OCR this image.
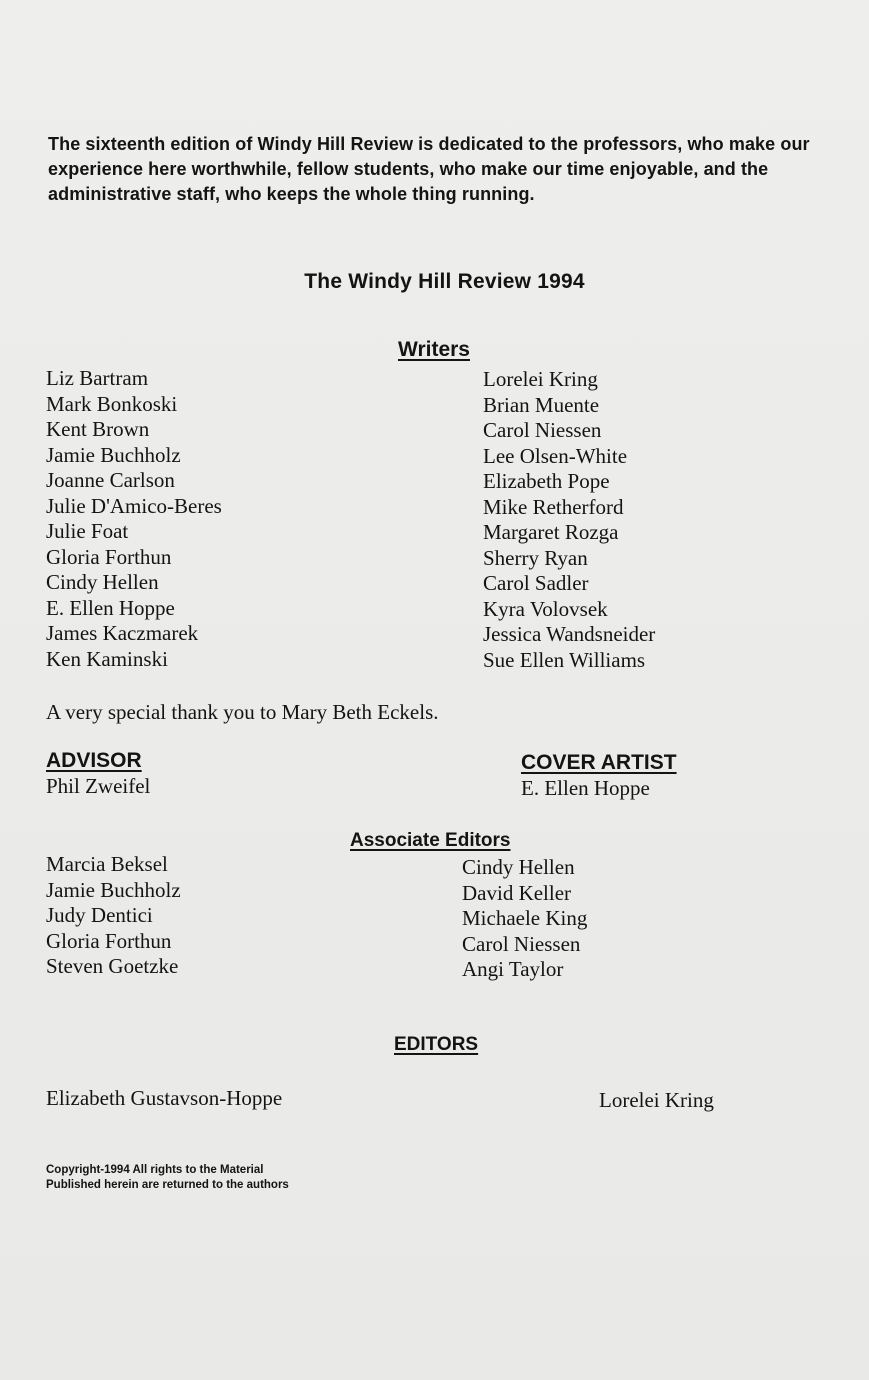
The sixteenth edition of Windy Hill Review is dedicated to the professors, who make our experience here worthwhile, fellow students, who make our time enjoyable, and the administrative staff, who keeps the whole thing running.
The Windy Hill Review 1994
Writers
Liz Bartram
Mark Bonkoski
Kent Brown
Jamie Buchholz
Joanne Carlson
Julie D'Amico-Beres
Julie Foat
Gloria Forthun
Cindy Hellen
E. Ellen Hoppe
James Kaczmarek
Ken Kaminski
Lorelei Kring
Brian Muente
Carol Niessen
Lee Olsen-White
Elizabeth Pope
Mike Retherford
Margaret Rozga
Sherry Ryan
Carol Sadler
Kyra Volovsek
Jessica Wandsneider
Sue Ellen Williams
A very special thank you to Mary Beth Eckels.
ADVISOR
Phil Zweifel
COVER ARTIST
E. Ellen Hoppe
Associate Editors
Marcia Beksel
Jamie Buchholz
Judy Dentici
Gloria Forthun
Steven Goetzke
Cindy Hellen
David Keller
Michaele King
Carol Niessen
Angi Taylor
EDITORS
Elizabeth Gustavson-Hoppe	Lorelei Kring
Copyright-1994 All rights to the Material
Published herein are returned to the authors
